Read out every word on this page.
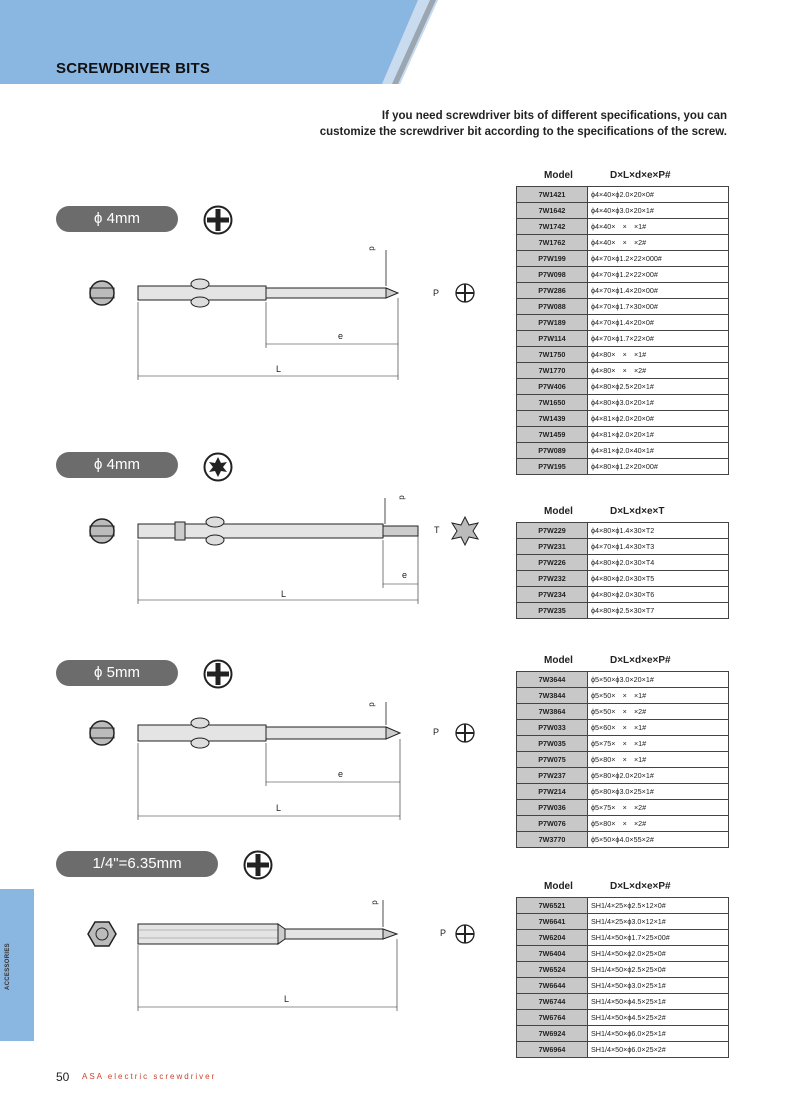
SCREWDRIVER BITS
If you need screwdriver bits of different specifications, you can
customize the screwdriver bit according to the specifications of the screw.
ϕ 4mm
d
P
e
L
ϕ 4mm
d
T
e
L
ϕ 5mm
d
P
e
L
1/4"=6.35mm
d
P
L
Model	D×L×d×e×P#
7W1421	ϕ4×40×ϕ2.0×20×0#
7W1642	ϕ4×40×ϕ3.0×20×1#
7W1742	ϕ4×40×　×　×1#
7W1762	ϕ4×40×　×　×2#
P7W199	ϕ4×70×ϕ1.2×22×000#
P7W098	ϕ4×70×ϕ1.2×22×00#
P7W286	ϕ4×70×ϕ1.4×20×00#
P7W088	ϕ4×70×ϕ1.7×30×00#
P7W189	ϕ4×70×ϕ1.4×20×0#
P7W114	ϕ4×70×ϕ1.7×22×0#
7W1750	ϕ4×80×　×　×1#
7W1770	ϕ4×80×　×　×2#
P7W406	ϕ4×80×ϕ2.5×20×1#
7W1650	ϕ4×80×ϕ3.0×20×1#
7W1439	ϕ4×81×ϕ2.0×20×0#
7W1459	ϕ4×81×ϕ2.0×20×1#
P7W089	ϕ4×81×ϕ2.0×40×1#
P7W195	ϕ4×80×ϕ1.2×20×00#
Model	D×L×d×e×T
P7W229	ϕ4×80×ϕ1.4×30×T2
P7W231	ϕ4×70×ϕ1.4×30×T3
P7W226	ϕ4×80×ϕ2.0×30×T4
P7W232	ϕ4×80×ϕ2.0×30×T5
P7W234	ϕ4×80×ϕ2.0×30×T6
P7W235	ϕ4×80×ϕ2.5×30×T7
Model	D×L×d×e×P#
7W3644	ϕ5×50×ϕ3.0×20×1#
7W3844	ϕ5×50×　×　×1#
7W3864	ϕ5×50×　×　×2#
P7W033	ϕ5×60×　×　×1#
P7W035	ϕ5×75×　×　×1#
P7W075	ϕ5×80×　×　×1#
P7W237	ϕ5×80×ϕ2.0×20×1#
P7W214	ϕ5×80×ϕ3.0×25×1#
P7W036	ϕ5×75×　×　×2#
P7W076	ϕ5×80×　×　×2#
7W3770	ϕ5×50×ϕ4.0×55×2#
Model	D×L×d×e×P#
7W6521	SH1/4×25×ϕ2.5×12×0#
7W6641	SH1/4×25×ϕ3.0×12×1#
7W6204	SH1/4×50×ϕ1.7×25×00#
7W6404	SH1/4×50×ϕ2.0×25×0#
7W6524	SH1/4×50×ϕ2.5×25×0#
7W6644	SH1/4×50×ϕ3.0×25×1#
7W6744	SH1/4×50×ϕ4.5×25×1#
7W6764	SH1/4×50×ϕ4.5×25×2#
7W6924	SH1/4×50×ϕ6.0×25×1#
7W6964	SH1/4×50×ϕ6.0×25×2#
ACCESSORIES
50 ASA electric screwdriver
